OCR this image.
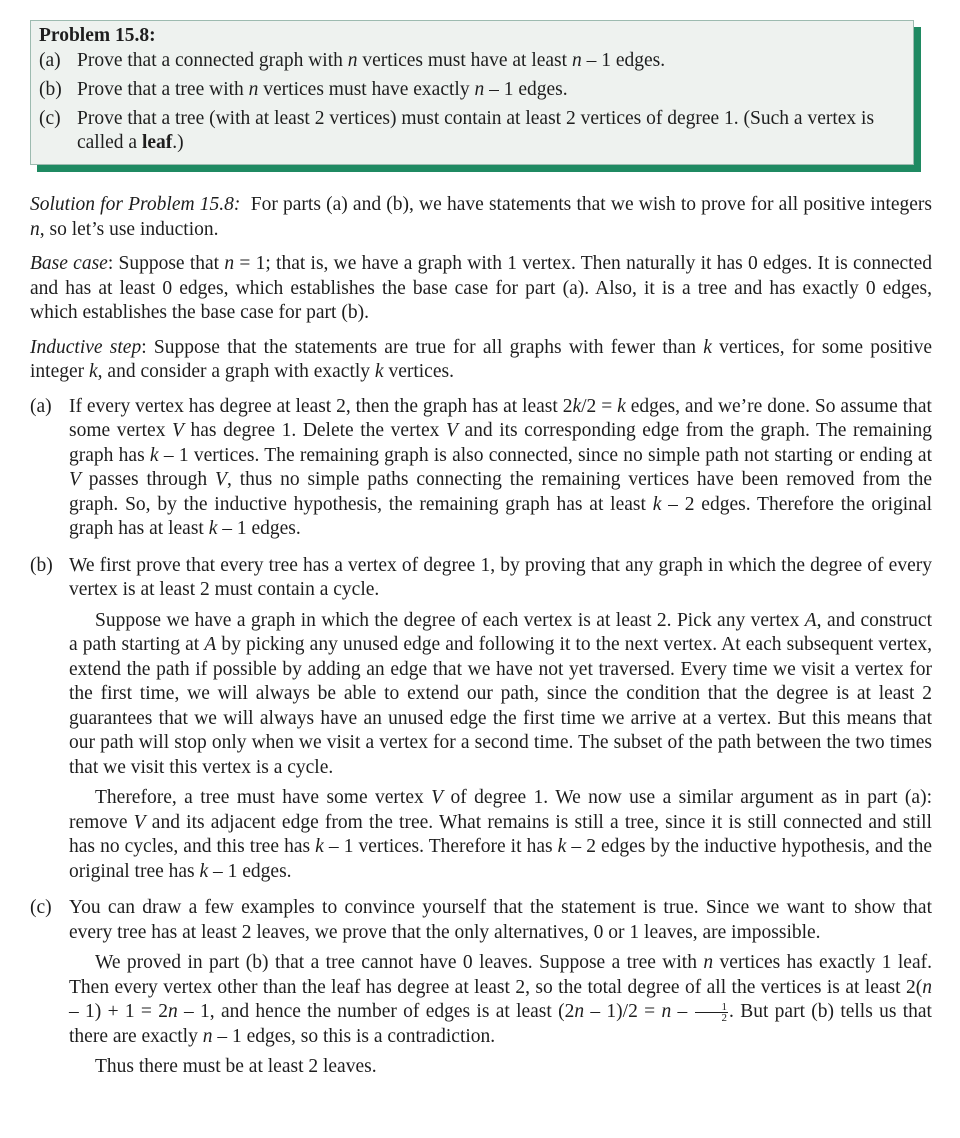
Problem 15.8:
(a) Prove that a connected graph with n vertices must have at least n – 1 edges.
(b) Prove that a tree with n vertices must have exactly n – 1 edges.
(c) Prove that a tree (with at least 2 vertices) must contain at least 2 vertices of degree 1. (Such a vertex is called a leaf.)

Solution for Problem 15.8: For parts (a) and (b), we have statements that we wish to prove for all positive integers n, so let’s use induction.

Base case: Suppose that n = 1; that is, we have a graph with 1 vertex. Then naturally it has 0 edges. It is connected and has at least 0 edges, which establishes the base case for part (a). Also, it is a tree and has exactly 0 edges, which establishes the base case for part (b).

Inductive step: Suppose that the statements are true for all graphs with fewer than k vertices, for some positive integer k, and consider a graph with exactly k vertices.

(a) If every vertex has degree at least 2, then the graph has at least 2k/2 = k edges, and we’re done. So assume that some vertex V has degree 1. Delete the vertex V and its corresponding edge from the graph. The remaining graph has k – 1 vertices. The remaining graph is also connected, since no simple path not starting or ending at V passes through V, thus no simple paths connecting the remaining vertices have been removed from the graph. So, by the inductive hypothesis, the remaining graph has at least k – 2 edges. Therefore the original graph has at least k – 1 edges.

(b) We first prove that every tree has a vertex of degree 1, by proving that any graph in which the degree of every vertex is at least 2 must contain a cycle.

Suppose we have a graph in which the degree of each vertex is at least 2. Pick any vertex A, and construct a path starting at A by picking any unused edge and following it to the next vertex. At each subsequent vertex, extend the path if possible by adding an edge that we have not yet traversed. Every time we visit a vertex for the first time, we will always be able to extend our path, since the condition that the degree is at least 2 guarantees that we will always have an unused edge the first time we arrive at a vertex. But this means that our path will stop only when we visit a vertex for a second time. The subset of the path between the two times that we visit this vertex is a cycle.

Therefore, a tree must have some vertex V of degree 1. We now use a similar argument as in part (a): remove V and its adjacent edge from the tree. What remains is still a tree, since it is still connected and still has no cycles, and this tree has k – 1 vertices. Therefore it has k – 2 edges by the inductive hypothesis, and the original tree has k – 1 edges.

(c) You can draw a few examples to convince yourself that the statement is true. Since we want to show that every tree has at least 2 leaves, we prove that the only alternatives, 0 or 1 leaves, are impossible.

We proved in part (b) that a tree cannot have 0 leaves. Suppose a tree with n vertices has exactly 1 leaf. Then every vertex other than the leaf has degree at least 2, so the total degree of all the vertices is at least 2(n – 1) + 1 = 2n – 1, and hence the number of edges is at least $(2n - 1)/2 = n - \frac{1}{2}$ . But part (b) tells us that there are exactly n – 1 edges, so this is a contradiction.

Thus there must be at least 2 leaves.
